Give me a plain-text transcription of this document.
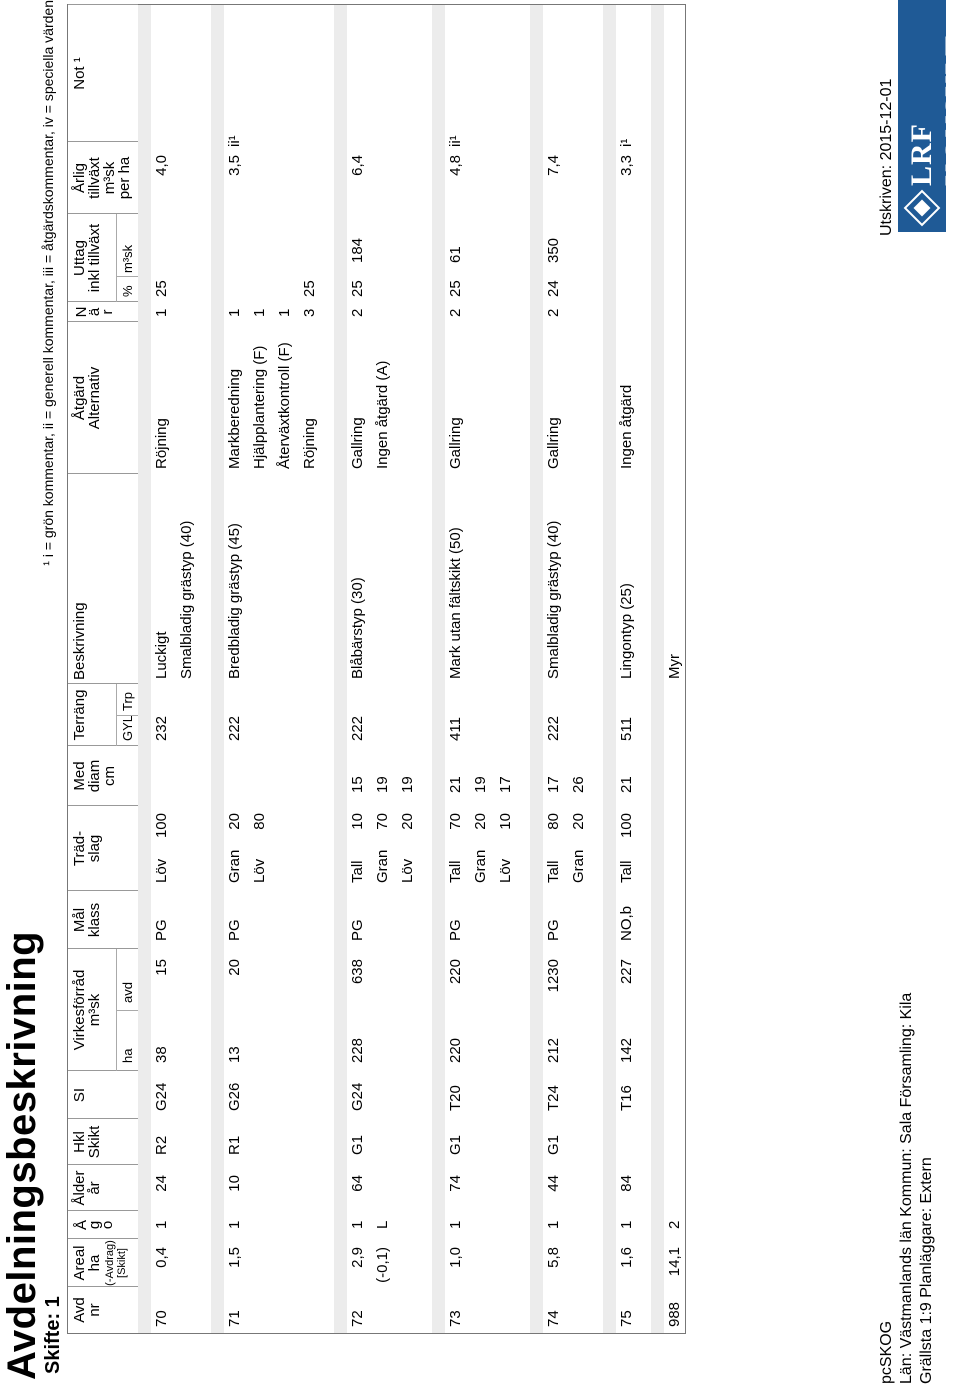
Avdelningsbeskrivning
Skifte: 1
¹ i = grön kommentar, ii = generell kommentar, iii = åtgärdskommentar, iv = speciella värden
Avd
nr
Areal
ha (-Avdrag) [Skikt]
Å
g
o
Ålder
år
Hkl
Skikt
SI
Virkesförråd
m³sk
Mål
klass
Träd-
slag
Med
diam
cm
Terräng
Beskrivning
Åtgärd
Alternativ
N
ä
r
Uttag
inkl tillväxt
Årlig
tillväxt
m³sk
per ha
Not ¹
ha
avd
GYL
Trp
%
m³sk
70
0,4
1
24
R2
G24
38
15
PG
Löv
100
232
Luckigt
Röjning
1
25
4,0
Smalbladig grästyp (40)
71
1,5
1
10
R1
G26
13
20
PG
Gran
20
222
Bredbladig grästyp (45)
Markberedning
1
3,5
ii¹
Löv
80
Hjälpplantering (F)
1
Återväxtkontroll (F)
1
Röjning
3
25
72
2,9
1
64
G1
G24
228
638
PG
Tall
10
15
222
Blåbärstyp (30)
Gallring
2
25
184
6,4
(-0,1)
L
Gran
70
19
Ingen åtgärd (A)
Löv
20
19
73
1,0
1
74
G1
T20
220
220
PG
Tall
70
21
411
Mark utan fältskikt (50)
Gallring
2
25
61
4,8
ii¹
Gran
20
19
Löv
10
17
74
5,8
1
44
G1
T24
212
1230
PG
Tall
80
17
222
Smalbladig grästyp (40)
Gallring
2
24
350
7,4
Gran
20
26
75
1,6
1
84
T16
142
227
NO,b
Tall
100
21
511
Lingontyp (25)
Ingen åtgärd
3,3
i¹
988
14,1
2
Myr
pcSKOG
Utskriven: 2015-12-01
Län: Västmanlands län Kommun: Sala Församling: Kila Grällsta 1:9 Planläggare: Extern
LRF KONSULT
